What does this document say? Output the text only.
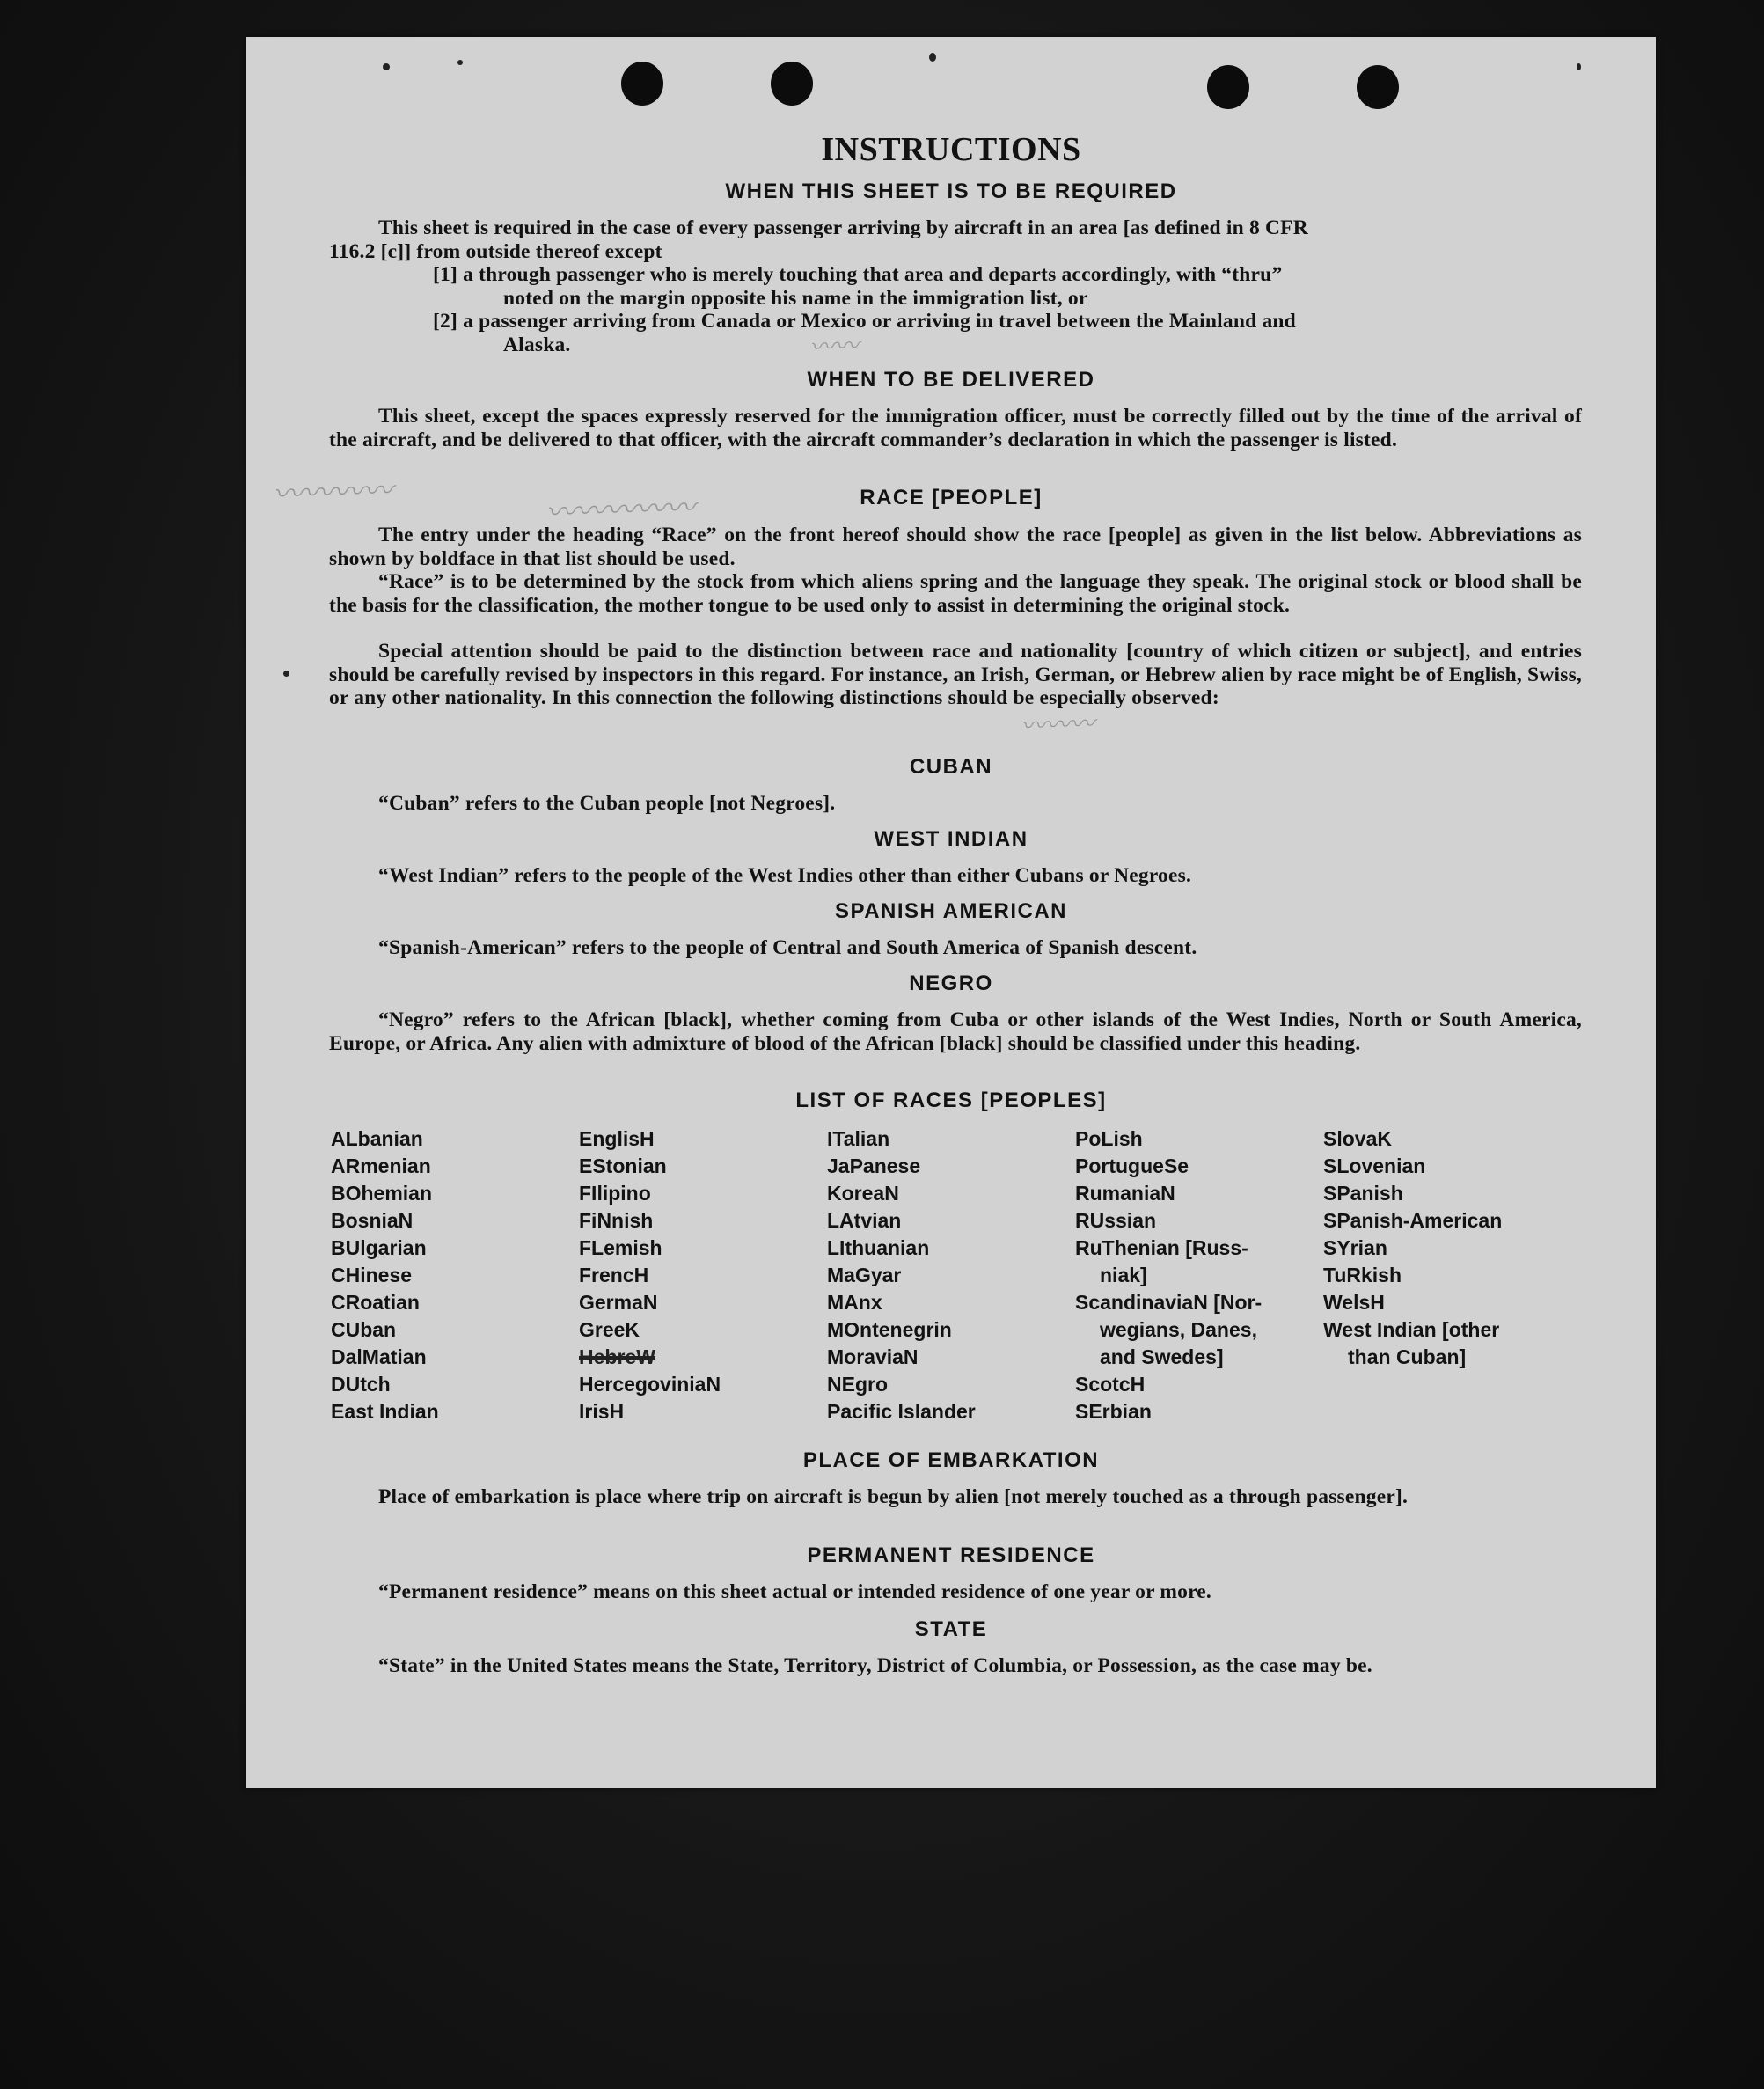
〰〰〰〰	〰〰〰〰〰
〰〰
〰〰〰
INSTRUCTIONS
WHEN THIS SHEET IS TO BE REQUIRED

This sheet is required in the case of every passenger arriving by aircraft in an area [as defined in 8 CFR
116.2 [c]] from outside thereof except

[1] a through passenger who is merely touching that area and departs accordingly, with “thru”
noted on the margin opposite his name in the immigration list, or

[2] a passenger arriving from Canada or Mexico or arriving in travel between the Mainland and
Alaska.

WHEN TO BE DELIVERED

This sheet, except the spaces expressly reserved for the immigration officer, must be correctly filled out by the time of the arrival of the aircraft, and be delivered to that officer, with the aircraft commander’s declaration in which the passenger is listed.

RACE [PEOPLE]

The entry under the heading “Race” on the front hereof should show the race [people] as given in the list below. Abbreviations as shown by boldface in that list should be used.

“Race” is to be determined by the stock from which aliens spring and the language they speak. The original stock or blood shall be the basis for the classification, the mother tongue to be used only to assist in determining the original stock.

Special attention should be paid to the distinction between race and nationality [country of which citizen or subject], and entries should be carefully revised by inspectors in this regard. For instance, an Irish, German, or Hebrew alien by race might be of English, Swiss, or any other nationality. In this connection the following distinctions should be especially observed:

CUBAN

“Cuban” refers to the Cuban people [not Negroes].

WEST INDIAN

“West Indian” refers to the people of the West Indies other than either Cubans or Negroes.

SPANISH AMERICAN

“Spanish-American” refers to the people of Central and South America of Spanish descent.

NEGRO

“Negro” refers to the African [black], whether coming from Cuba or other islands of the West Indies, North or South America, Europe, or Africa. Any alien with admixture of blood of the African [black] should be classified under this heading.

LIST OF RACES [PEOPLES]
ALbanian
ARmenian
BOhemian
BosniaN
BUlgarian
CHinese
CRoatian
CUban
DalMatian
DUtch
East Indian
EnglisH
EStonian
FIlipino
FiNnish
FLemish
FrencH
GermaN
GreeK
HebreW
HercegoviniaN
IrisH
ITalian
JaPanese
KoreaN
LAtvian
LIthuanian
MaGyar
MAnx
MOntenegrin
MoraviaN
NEgro
Pacific Islander
PoLish
PortugueSe
RumaniaN
RUssian
RuThenian [Russ-
niak]
ScandinaviaN [Nor-
wegians, Danes,
and Swedes]
ScotcH
SErbian
SlovaK
SLovenian
SPanish
SPanish-American
SYrian
TuRkish
WelsH
West Indian [other
than Cuban]
PLACE OF EMBARKATION

Place of embarkation is place where trip on aircraft is begun by alien [not merely touched as a through passenger].

PERMANENT RESIDENCE

“Permanent residence” means on this sheet actual or intended residence of one year or more.

STATE

“State” in the United States means the State, Territory, District of Columbia, or Possession, as the case may be.
